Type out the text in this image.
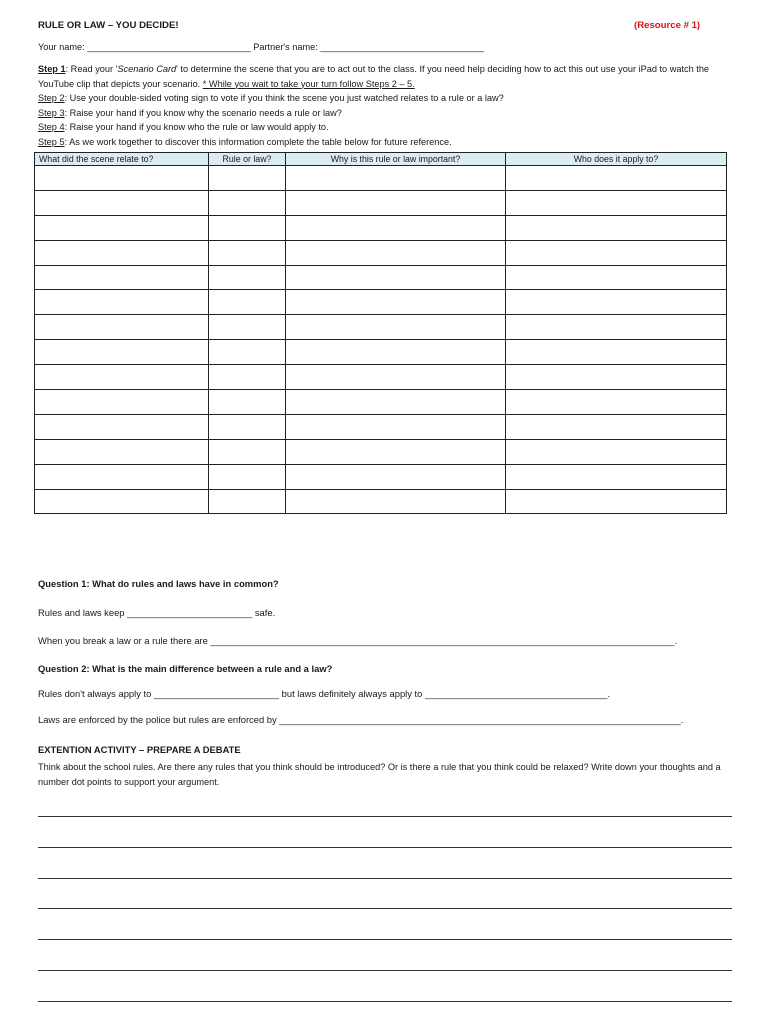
RULE OR LAW – YOU DECIDE!	(Resource # 1)
Your name: ________________________________ Partner's name: ________________________________

Step 1: Read your 'Scenario Card' to determine the scene that you are to act out to the class. If you need help deciding how to act this out use your iPad to watch the

YouTube clip that depicts your scenario. * While you wait to take your turn follow Steps 2 – 5.

Step 2: Use your double-sided voting sign to vote if you think the scene you just watched relates to a rule or a law?

Step 3: Raise your hand if you know why the scenario needs a rule or law?

Step 4: Raise your hand if you know who the rule or law would apply to.

Step 5: As we work together to discover this information complete the table below for future reference.

What did the scene relate to?	Rule or law?	Why is this rule or law important?	Who does it apply to?

Question 1: What do rules and laws have in common?
Rules and laws keep ________________________ safe.
When you break a law or a rule there are _________________________________________________________________________________________.
Question 2: What is the main difference between a rule and a law?
Rules don't always apply to ________________________ but laws definitely always apply to ___________________________________.
Laws are enforced by the police but rules are enforced by _____________________________________________________________________________.
EXTENTION ACTIVITY – PREPARE A DEBATE
Think about the school rules. Are there any rules that you think should be introduced? Or is there a rule that you think could be relaxed? Write down your thoughts and a number dot points to support your argument.
